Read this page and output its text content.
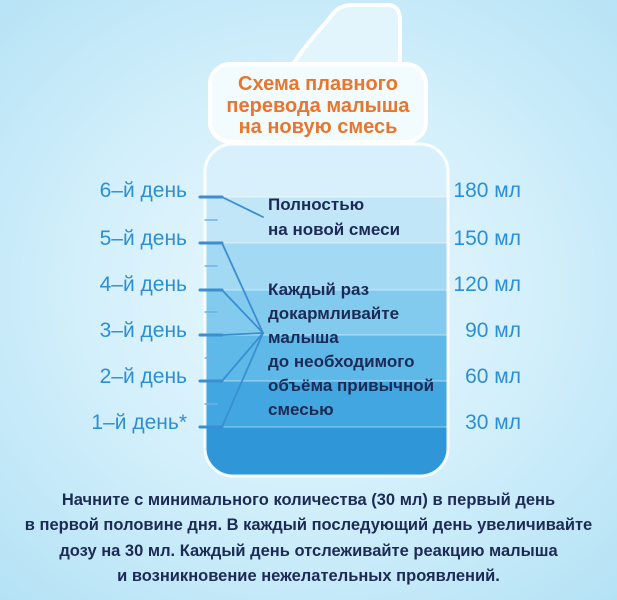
Схема плавного
перевода малыша
на новую смесь
6–й день
5–й день
4–й день
3–й день
2–й день
1–й день*
180 мл
150 мл
120 мл
90 мл
60 мл
30 мл
Полностью
на новой смеси
Каждый раз
докармливайте
малыша
до необходимого
объёма привычной
смесью
Начните с минимального количества (30 мл) в первый день
в первой половине дня. В каждый последующий день увеличивайте
дозу на 30 мл. Каждый день отслеживайте реакцию малыша
и возникновение нежелательных проявлений.
